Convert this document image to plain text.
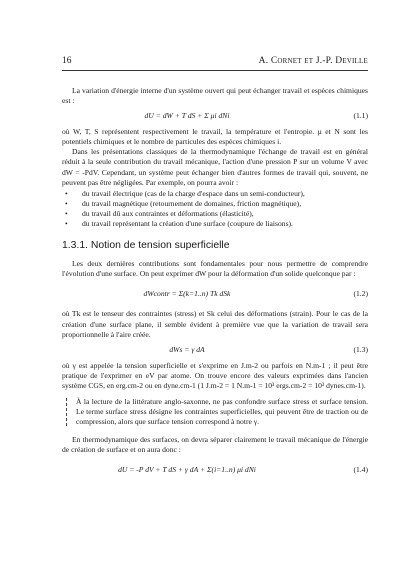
16	A. Cornet et J.-P. Deville

La variation d'énergie interne d'un système ouvert qui peut échanger travail et espèces chimiques est :

dU = dW + T dS + Σ μi dNi	(1.1)

où W, T, S représentent respectivement le travail, la température et l'entropie. μ et N sont les potentiels chimiques et le nombre de particules des espèces chimiques i.

Dans les présentations classiques de la thermodynamique l'échange de travail est en général réduit à la seule contribution du travail mécanique, l'action d'une pression P sur un volume V avec dW = -PdV. Cependant, un système peut échanger bien d'autres formes de travail qui, souvent, ne peuvent pas être négligées. Par exemple, on pourra avoir :

• du travail électrique (cas de la charge d'espace dans un semi-conducteur),
• du travail magnétique (retournement de domaines, friction magnétique),
• du travail dû aux contraintes et déformations (élasticité),
• du travail représentant la création d'une surface (coupure de liaisons).
1.3.1. Notion de tension superficielle

Les deux dernières contributions sont fondamentales pour nous permettre de comprendre l'évolution d'une surface. On peut exprimer dW pour la déformation d'un solide quelconque par :

dWcontr = Σ(k=1..n) Tk dSk	(1.2)

où Tk est le tenseur des contraintes (stress) et Sk celui des déformations (strain). Pour le cas de la création d'une surface plane, il semble évident à première vue que la variation de travail sera proportionnelle à l'aire créée.

dWs = γ dA	(1.3)

où γ est appelée la tension superficielle et s'exprime en J.m-2 ou parfois en N.m-1 ; il peut être pratique de l'exprimer en eV par atome. On trouve encore des valeurs exprimées dans l'ancien système CGS, en erg.cm-2 ou en dyne.cm-1 (1 J.m-2 = 1 N.m-1 = 10³ ergs.cm-2 = 10³ dynes.cm-1).

À la lecture de la littérature anglo-saxonne, ne pas confondre surface stress et surface tension. Le terme surface stress désigne les contraintes superficielles, qui peuvent être de traction ou de compression, alors que surface tension correspond à notre γ.

En thermodynamique des surfaces, on devra séparer clairement le travail mécanique de l'énergie de création de surface et on aura donc :

dU = -P dV + T dS + γ dA + Σ(i=1..n) μi dNi	(1.4)
